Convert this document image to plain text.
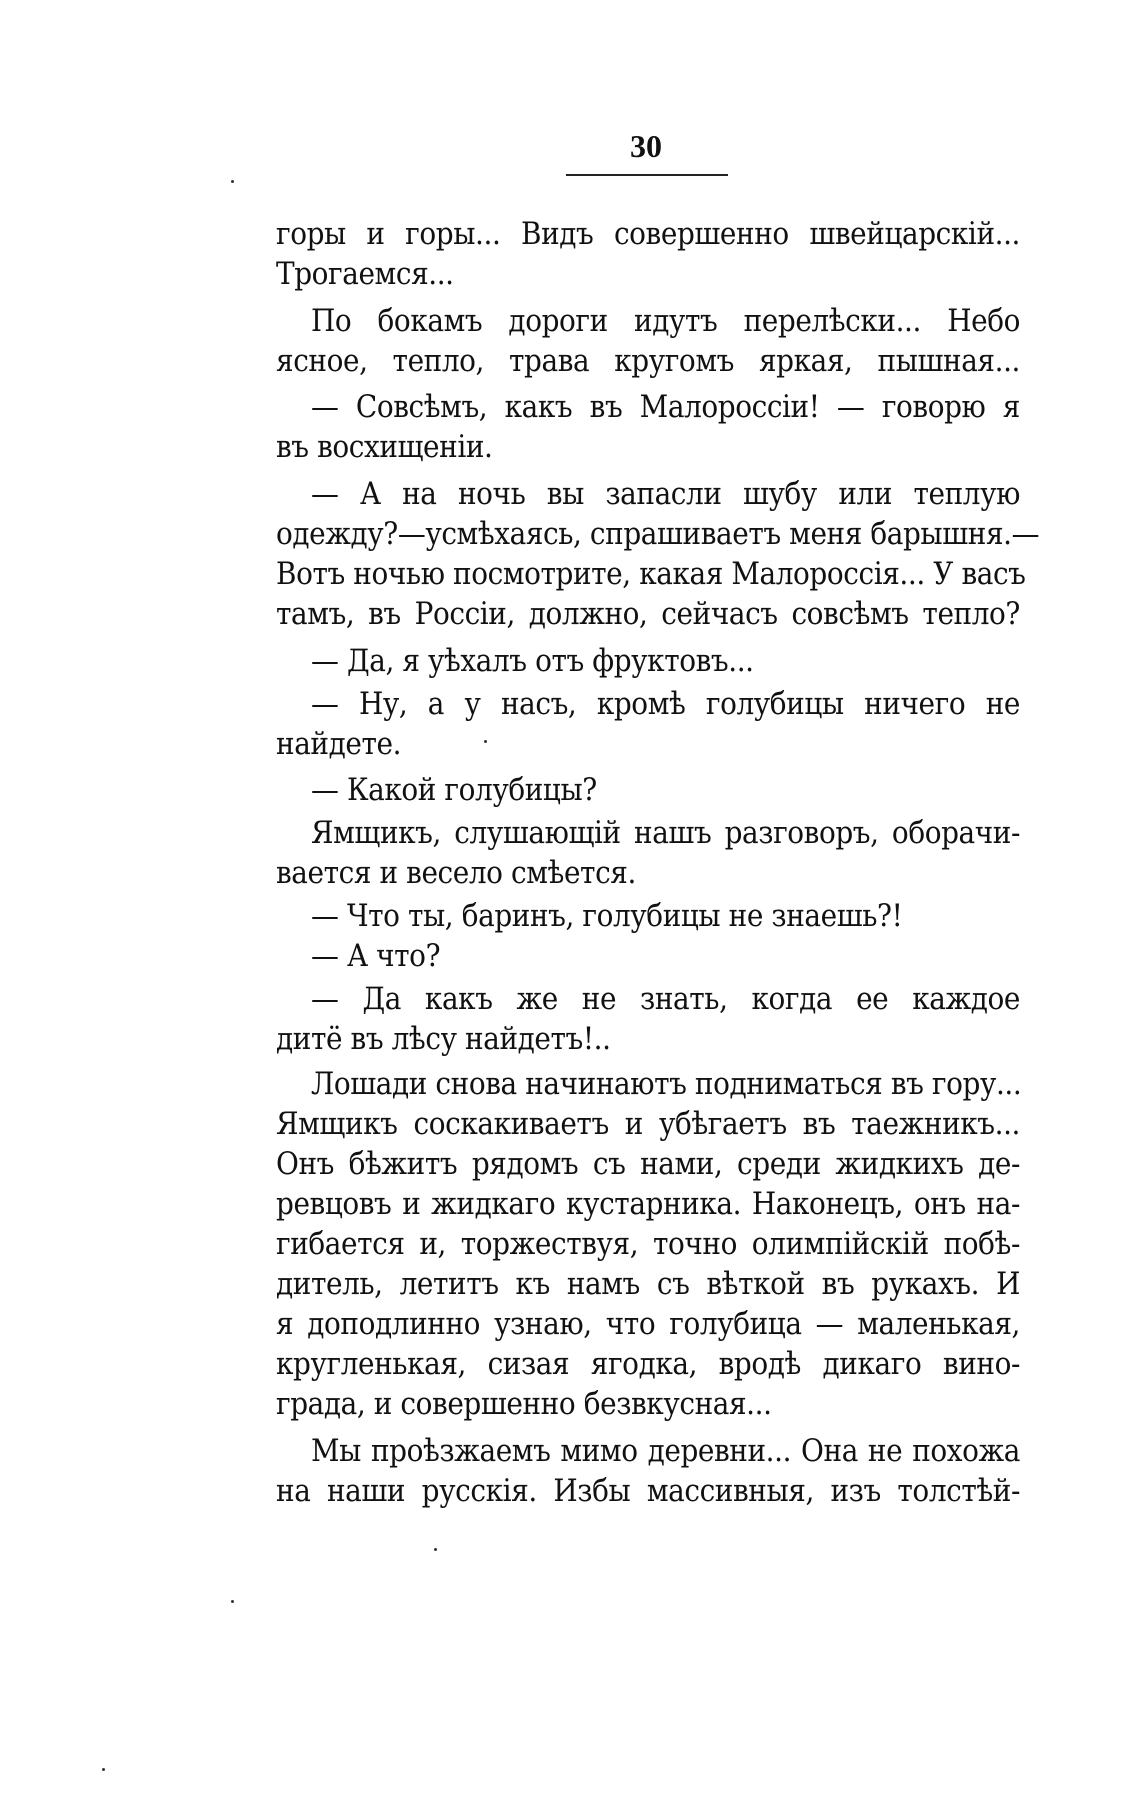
30
горы и горы... Видъ совершенно швейцарскій...
Трогаемся...
По бокамъ дороги идутъ перелѣски... Небо
ясное, тепло, трава кругомъ яркая, пышная...
— Совсѣмъ, какъ въ Малороссіи! — говорю я
въ восхищеніи.
— А на ночь вы запасли шубу или теплую
одежду?—усмѣхаясь, спрашиваетъ меня барышня.—
Вотъ ночью посмотрите, какая Малороссія... У васъ
тамъ, въ Россіи, должно, сейчасъ совсѣмъ тепло?
— Да, я уѣхалъ отъ фруктовъ...
— Ну, а у насъ, кромѣ голубицы ничего не
найдете.
— Какой голубицы?
Ямщикъ, слушающій нашъ разговоръ, оборачи-
вается и весело смѣется.
— Что ты, баринъ, голубицы не знаешь?!
— А что?
— Да какъ же не знать, когда ее каждое
дитё въ лѣсу найдетъ!..
Лошади снова начинаютъ подниматься въ гору...
Ямщикъ соскакиваетъ и убѣгаетъ въ таежникъ...
Онъ бѣжитъ рядомъ съ нами, среди жидкихъ де-
ревцовъ и жидкаго кустарника. Наконецъ, онъ на-
гибается и, торжествуя, точно олимпійскій побѣ-
дитель, летитъ къ намъ съ вѣткой въ рукахъ. И
я доподлинно узнаю, что голубица — маленькая,
кругленькая, сизая ягодка, вродѣ дикаго вино-
града, и совершенно безвкусная...
Мы проѣзжаемъ мимо деревни... Она не похожа
на наши русскія. Избы массивныя, изъ толстѣй-
